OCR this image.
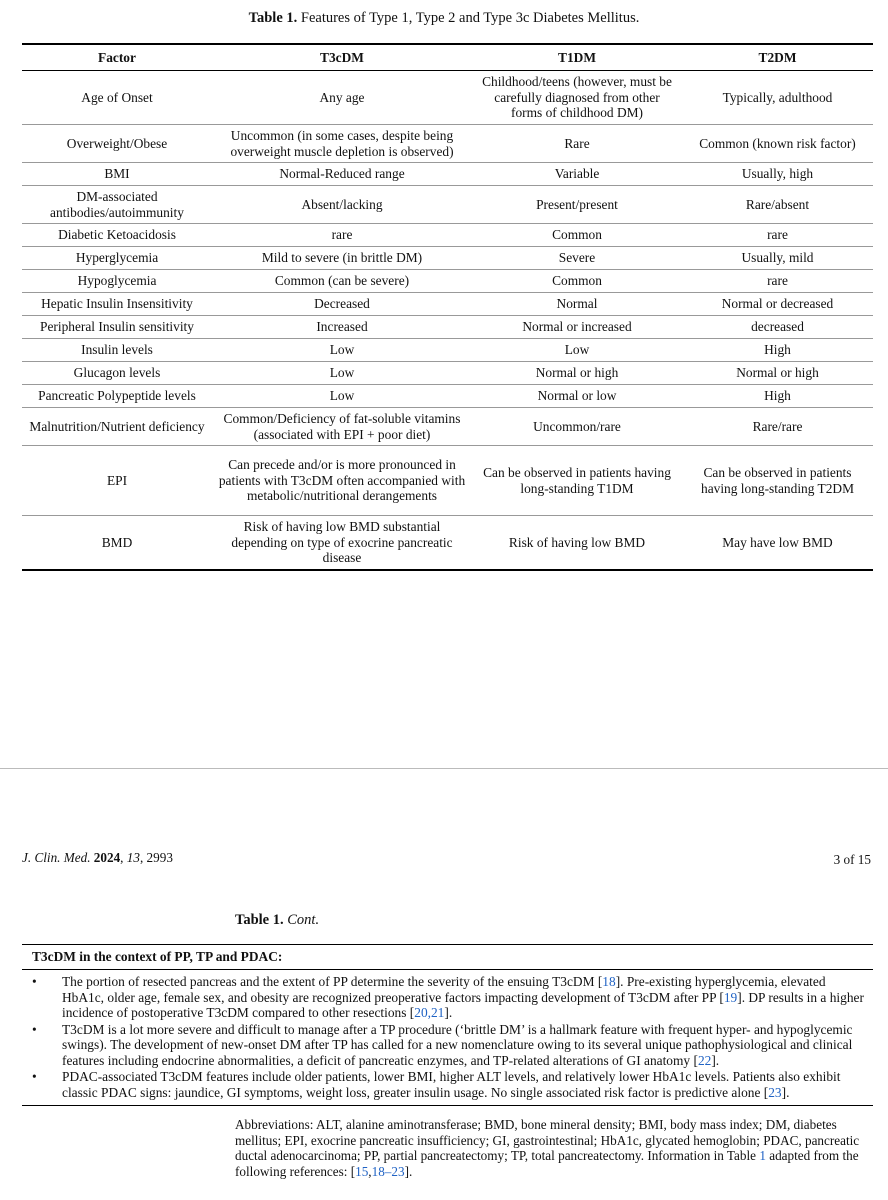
Table 1. Features of Type 1, Type 2 and Type 3c Diabetes Mellitus.
Factor	T3cDM	T1DM	T2DM
Age of Onset	Any age	Childhood/teens (however, must be carefully diagnosed from other forms of childhood DM)	Typically, adulthood
Overweight/Obese	Uncommon (in some cases, despite being overweight muscle depletion is observed)	Rare	Common (known risk factor)
BMI	Normal-Reduced range	Variable	Usually, high
DM-associated antibodies/autoimmunity	Absent/lacking	Present/present	Rare/absent
Diabetic Ketoacidosis	rare	Common	rare
Hyperglycemia	Mild to severe (in brittle DM)	Severe	Usually, mild
Hypoglycemia	Common (can be severe)	Common	rare
Hepatic Insulin Insensitivity	Decreased	Normal	Normal or decreased
Peripheral Insulin sensitivity	Increased	Normal or increased	decreased
Insulin levels	Low	Low	High
Glucagon levels	Low	Normal or high	Normal or high
Pancreatic Polypeptide levels	Low	Normal or low	High
Malnutrition/Nutrient deficiency	Common/Deficiency of fat-soluble vitamins (associated with EPI + poor diet)	Uncommon/rare	Rare/rare
EPI	Can precede and/or is more pronounced in patients with T3cDM often accompanied with metabolic/nutritional derangements	Can be observed in patients having long-standing T1DM	Can be observed in patients having long-standing T2DM
BMD	Risk of having low BMD substantial depending on type of exocrine pancreatic disease	Risk of having low BMD	May have low BMD
J. Clin. Med. 2024, 13, 2993	3 of 15
Table 1. Cont.
T3cDM in the context of PP, TP and PDAC:
• The portion of resected pancreas and the extent of PP determine the severity of the ensuing T3cDM [18]. Pre-existing hyperglycemia, elevated HbA1c, older age, female sex, and obesity are recognized preoperative factors impacting development of T3cDM after PP [19]. DP results in a higher incidence of postoperative T3cDM compared to other resections [20,21].
• T3cDM is a lot more severe and difficult to manage after a TP procedure (‘brittle DM’ is a hallmark feature with frequent hyper- and hypoglycemic swings). The development of new-onset DM after TP has called for a new nomenclature owing to its several unique pathophysiological and clinical features including endocrine abnormalities, a deficit of pancreatic enzymes, and TP-related alterations of GI anatomy [22].
• PDAC-associated T3cDM features include older patients, lower BMI, higher ALT levels, and relatively lower HbA1c levels. Patients also exhibit classic PDAC signs: jaundice, GI symptoms, weight loss, greater insulin usage. No single associated risk factor is predictive alone [23].
Abbreviations: ALT, alanine aminotransferase; BMD, bone mineral density; BMI, body mass index; DM, diabetes mellitus; EPI, exocrine pancreatic insufficiency; GI, gastrointestinal; HbA1c, glycated hemoglobin; PDAC, pancreatic ductal adenocarcinoma; PP, partial pancreatectomy; TP, total pancreatectomy. Information in Table 1 adapted from the following references: [15,18–23].
